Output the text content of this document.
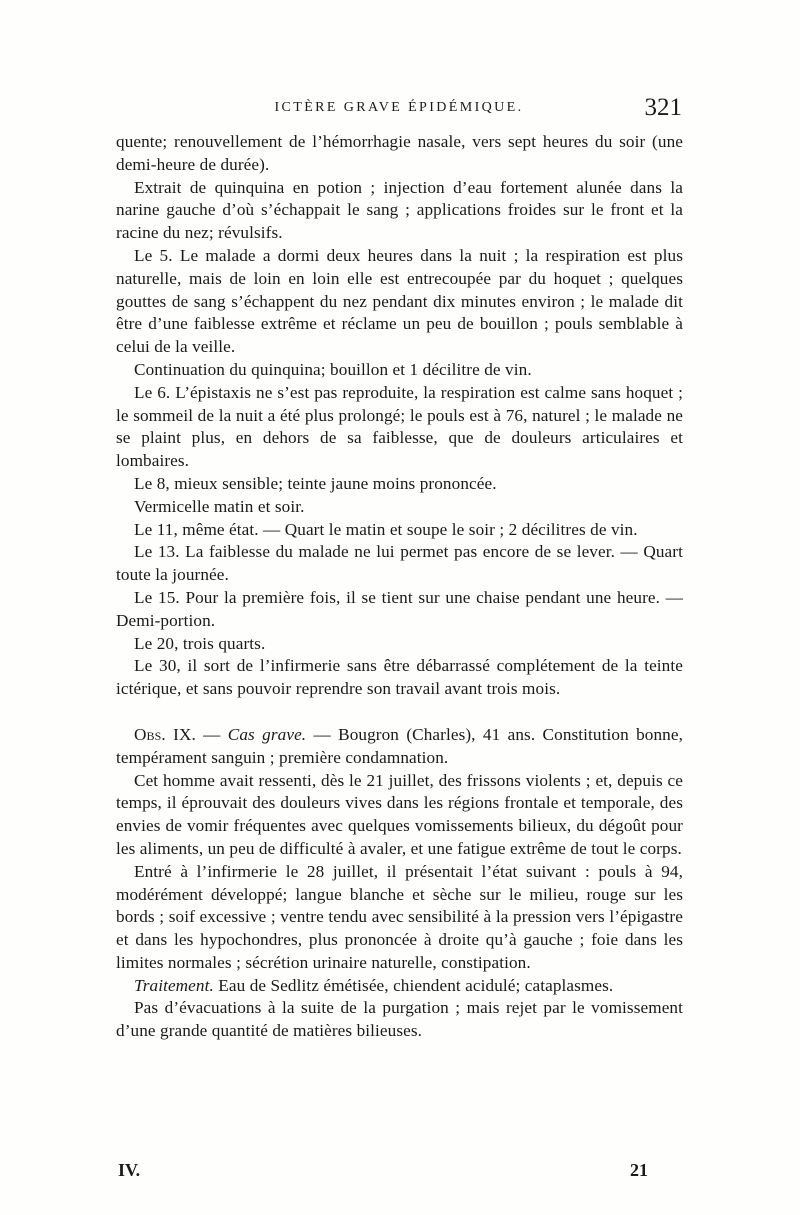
ICTÈRE GRAVE ÉPIDÉMIQUE.	321

quente; renouvellement de l’hémorrhagie nasale, vers sept heures du soir (une demi-heure de durée).

Extrait de quinquina en potion ; injection d’eau fortement alunée dans la narine gauche d’où s’échappait le sang ; applications froides sur le front et la racine du nez; révulsifs.

Le 5. Le malade a dormi deux heures dans la nuit ; la respiration est plus naturelle, mais de loin en loin elle est entrecoupée par du hoquet ; quelques gouttes de sang s’échappent du nez pendant dix minutes environ ; le malade dit être d’une faiblesse extrême et réclame un peu de bouillon ; pouls semblable à celui de la veille.

Continuation du quinquina; bouillon et 1 décilitre de vin.

Le 6. L’épistaxis ne s’est pas reproduite, la respiration est calme sans hoquet ; le sommeil de la nuit a été plus prolongé; le pouls est à 76, naturel ; le malade ne se plaint plus, en dehors de sa faiblesse, que de douleurs articulaires et lombaires.

Le 8, mieux sensible; teinte jaune moins prononcée.

Vermicelle matin et soir.

Le 11, même état. — Quart le matin et soupe le soir ; 2 décilitres de vin.

Le 13. La faiblesse du malade ne lui permet pas encore de se lever. — Quart toute la journée.

Le 15. Pour la première fois, il se tient sur une chaise pendant une heure. — Demi-portion.

Le 20, trois quarts.

Le 30, il sort de l’infirmerie sans être débarrassé complétement de la teinte ictérique, et sans pouvoir reprendre son travail avant trois mois.

Obs. IX. — Cas grave. — Bougron (Charles), 41 ans. Constitution bonne, tempérament sanguin ; première condamnation.

Cet homme avait ressenti, dès le 21 juillet, des frissons violents ; et, depuis ce temps, il éprouvait des douleurs vives dans les régions frontale et temporale, des envies de vomir fréquentes avec quelques vomissements bilieux, du dégoût pour les aliments, un peu de difficulté à avaler, et une fatigue extrême de tout le corps.

Entré à l’infirmerie le 28 juillet, il présentait l’état suivant : pouls à 94, modérément développé; langue blanche et sèche sur le milieu, rouge sur les bords ; soif excessive ; ventre tendu avec sensibilité à la pression vers l’épigastre et dans les hypochondres, plus prononcée à droite qu’à gauche ; foie dans les limites normales ; sécrétion urinaire naturelle, constipation.

Traitement. Eau de Sedlitz émétisée, chiendent acidulé; cataplasmes.

Pas d’évacuations à la suite de la purgation ; mais rejet par le vomissement d’une grande quantité de matières bilieuses.

IV.	21
